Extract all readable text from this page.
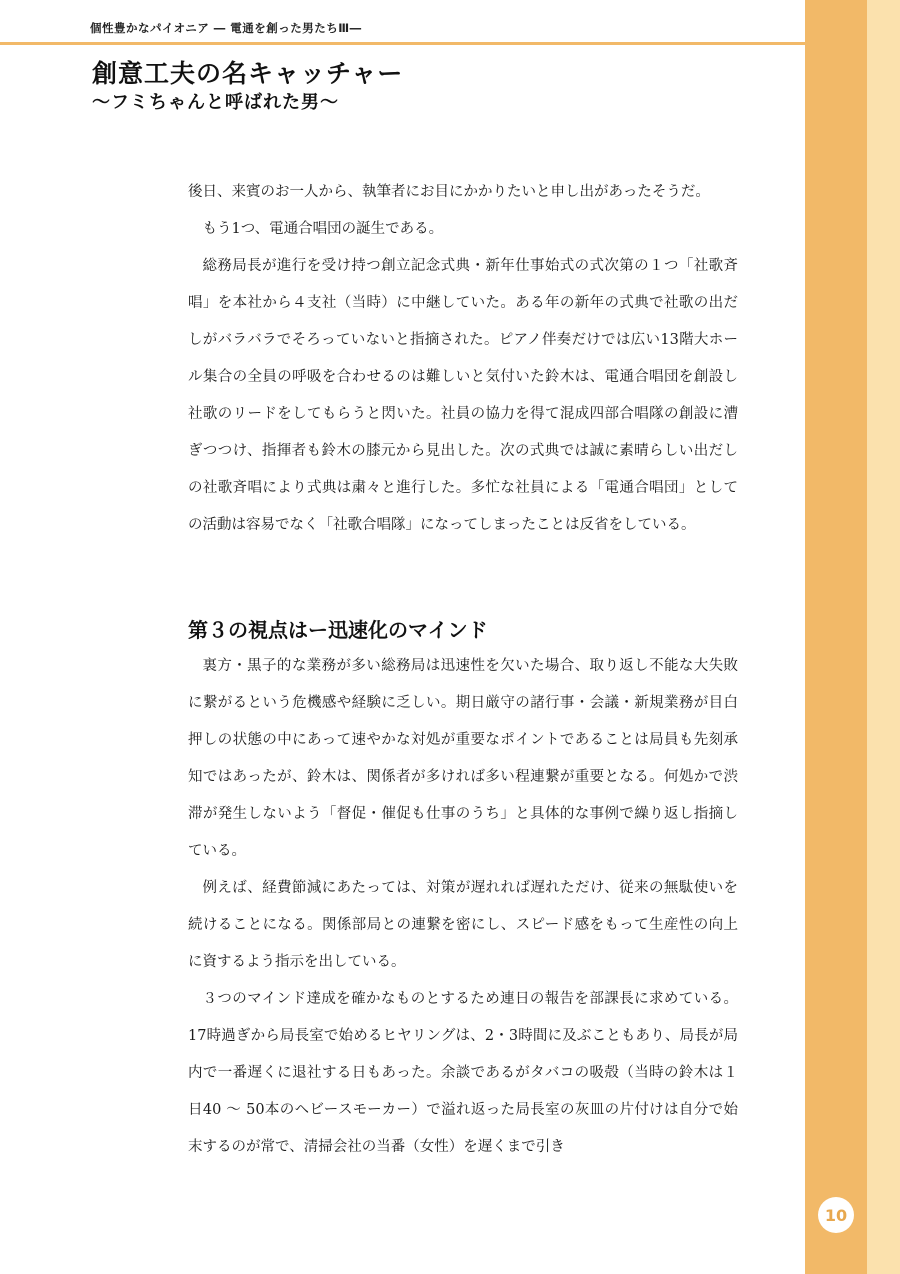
個性豊かなパイオニア ― 電通を創った男たちⅢ―
創意工夫の名キャッチャー
〜フミちゃんと呼ばれた男〜

後日、来賓のお一人から、執筆者にお目にかかりたいと申し出があったそうだ。

もう1つ、電通合唱団の誕生である。

総務局長が進行を受け持つ創立記念式典・新年仕事始式の式次第の１つ「社歌斉唱」を本社から４支社（当時）に中継していた。ある年の新年の式典で社歌の出だしがバラバラでそろっていないと指摘された。ピアノ伴奏だけでは広い13階大ホール集合の全員の呼吸を合わせるのは難しいと気付いた鈴木は、電通合唱団を創設し社歌のリードをしてもらうと閃いた。社員の協力を得て混成四部合唱隊の創設に漕ぎつつけ、指揮者も鈴木の膝元から見出した。次の式典では誠に素晴らしい出だしの社歌斉唱により式典は粛々と進行した。多忙な社員による「電通合唱団」としての活動は容易でなく「社歌合唱隊」になってしまったことは反省をしている。

第３の視点はー迅速化のマインド

裏方・黒子的な業務が多い総務局は迅速性を欠いた場合、取り返し不能な大失敗に繋がるという危機感や経験に乏しい。期日厳守の諸行事・会議・新規業務が目白押しの状態の中にあって速やかな対処が重要なポイントであることは局員も先刻承知ではあったが、鈴木は、関係者が多ければ多い程連繋が重要となる。何処かで渋滞が発生しないよう「督促・催促も仕事のうち」と具体的な事例で繰り返し指摘している。

例えば、経費節減にあたっては、対策が遅れれば遅れただけ、従来の無駄使いを続けることになる。関係部局との連繋を密にし、スピード感をもって生産性の向上に資するよう指示を出している。

３つのマインド達成を確かなものとするため連日の報告を部課長に求めている。17時過ぎから局長室で始めるヒヤリングは、2・3時間に及ぶこともあり、局長が局内で一番遅くに退社する日もあった。余談であるがタバコの吸殻（当時の鈴木は１日40 〜 50本のヘビースモーカー）で溢れ返った局長室の灰皿の片付けは自分で始末するのが常で、清掃会社の当番（女性）を遅くまで引き

10
